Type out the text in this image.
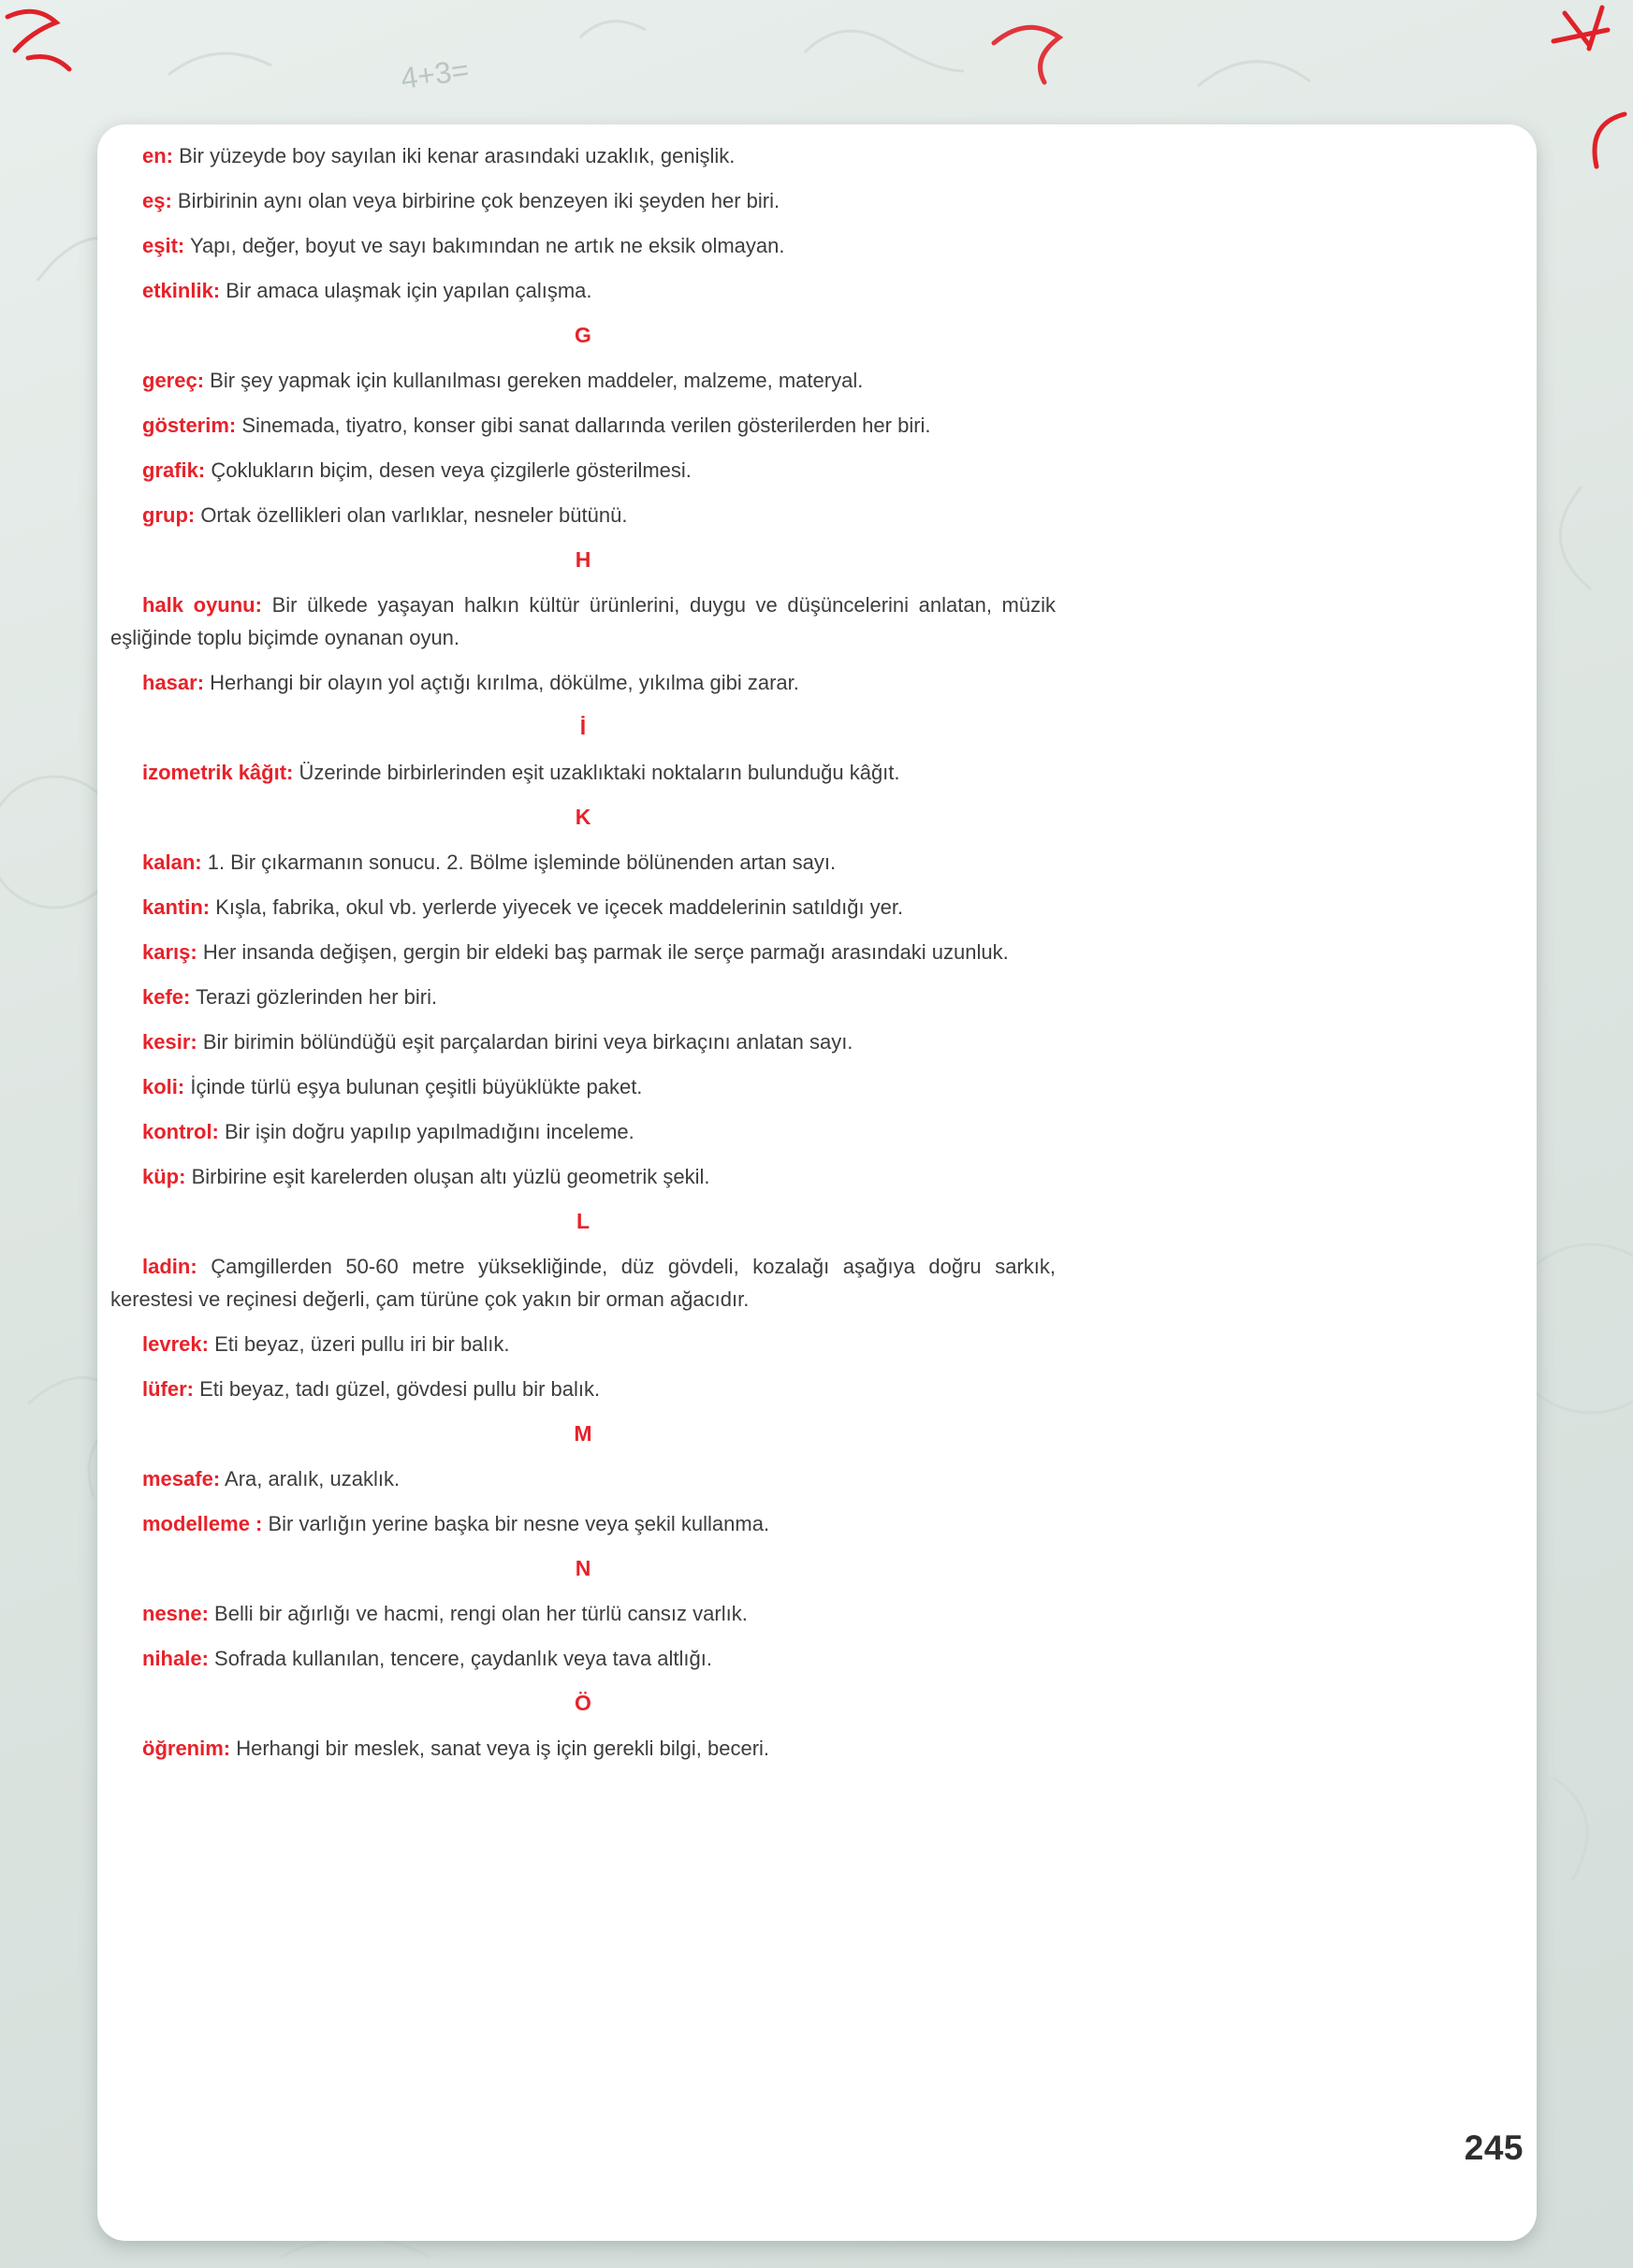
4+3=

en: Bir yüzeyde boy sayılan iki kenar arasındaki uzaklık, genişlik.

eş: Birbirinin aynı olan veya birbirine çok benzeyen iki şeyden her biri.

eşit: Yapı, değer, boyut ve sayı bakımından ne artık ne eksik olmayan.

etkinlik: Bir amaca ulaşmak için yapılan çalışma.

G

gereç: Bir şey yapmak için kullanılması gereken maddeler, malzeme, materyal.

gösterim: Sinemada, tiyatro, konser gibi sanat dallarında verilen gösterilerden her biri.

grafik: Çoklukların biçim, desen veya çizgilerle gösterilmesi.

grup: Ortak özellikleri olan varlıklar, nesneler bütünü.

H

halk oyunu: Bir ülkede yaşayan halkın kültür ürünlerini, duygu ve düşüncelerini anlatan, müzik eşliğinde toplu biçimde oynanan oyun.

hasar: Herhangi bir olayın yol açtığı kırılma, dökülme, yıkılma gibi zarar.

İ

izometrik kâğıt: Üzerinde birbirlerinden eşit uzaklıktaki noktaların bulunduğu kâğıt.

K

kalan: 1. Bir çıkarmanın sonucu. 2. Bölme işleminde bölünenden artan sayı.

kantin: Kışla, fabrika, okul vb. yerlerde yiyecek ve içecek maddelerinin satıldığı yer.

karış: Her insanda değişen, gergin bir eldeki baş parmak ile serçe parmağı arasındaki uzunluk.

kefe: Terazi gözlerinden her biri.

kesir: Bir birimin bölündüğü eşit parçalardan birini veya birkaçını anlatan sayı.

koli: İçinde türlü eşya bulunan çeşitli büyüklükte paket.

kontrol: Bir işin doğru yapılıp yapılmadığını inceleme.

küp: Birbirine eşit karelerden oluşan altı yüzlü geometrik şekil.

L

ladin: Çamgillerden 50-60 metre yüksekliğinde, düz gövdeli, kozalağı aşağıya doğru sarkık, kerestesi ve reçinesi değerli, çam türüne çok yakın bir orman ağacıdır.

levrek: Eti beyaz, üzeri pullu iri bir balık.

lüfer: Eti beyaz, tadı güzel, gövdesi pullu bir balık.

M

mesafe: Ara, aralık, uzaklık.

modelleme : Bir varlığın yerine başka bir nesne veya şekil kullanma.

N

nesne: Belli bir ağırlığı ve hacmi, rengi olan her türlü cansız varlık.

nihale: Sofrada kullanılan, tencere, çaydanlık veya tava altlığı.

Ö

öğrenim: Herhangi bir meslek, sanat veya iş için gerekli bilgi, beceri.

245
